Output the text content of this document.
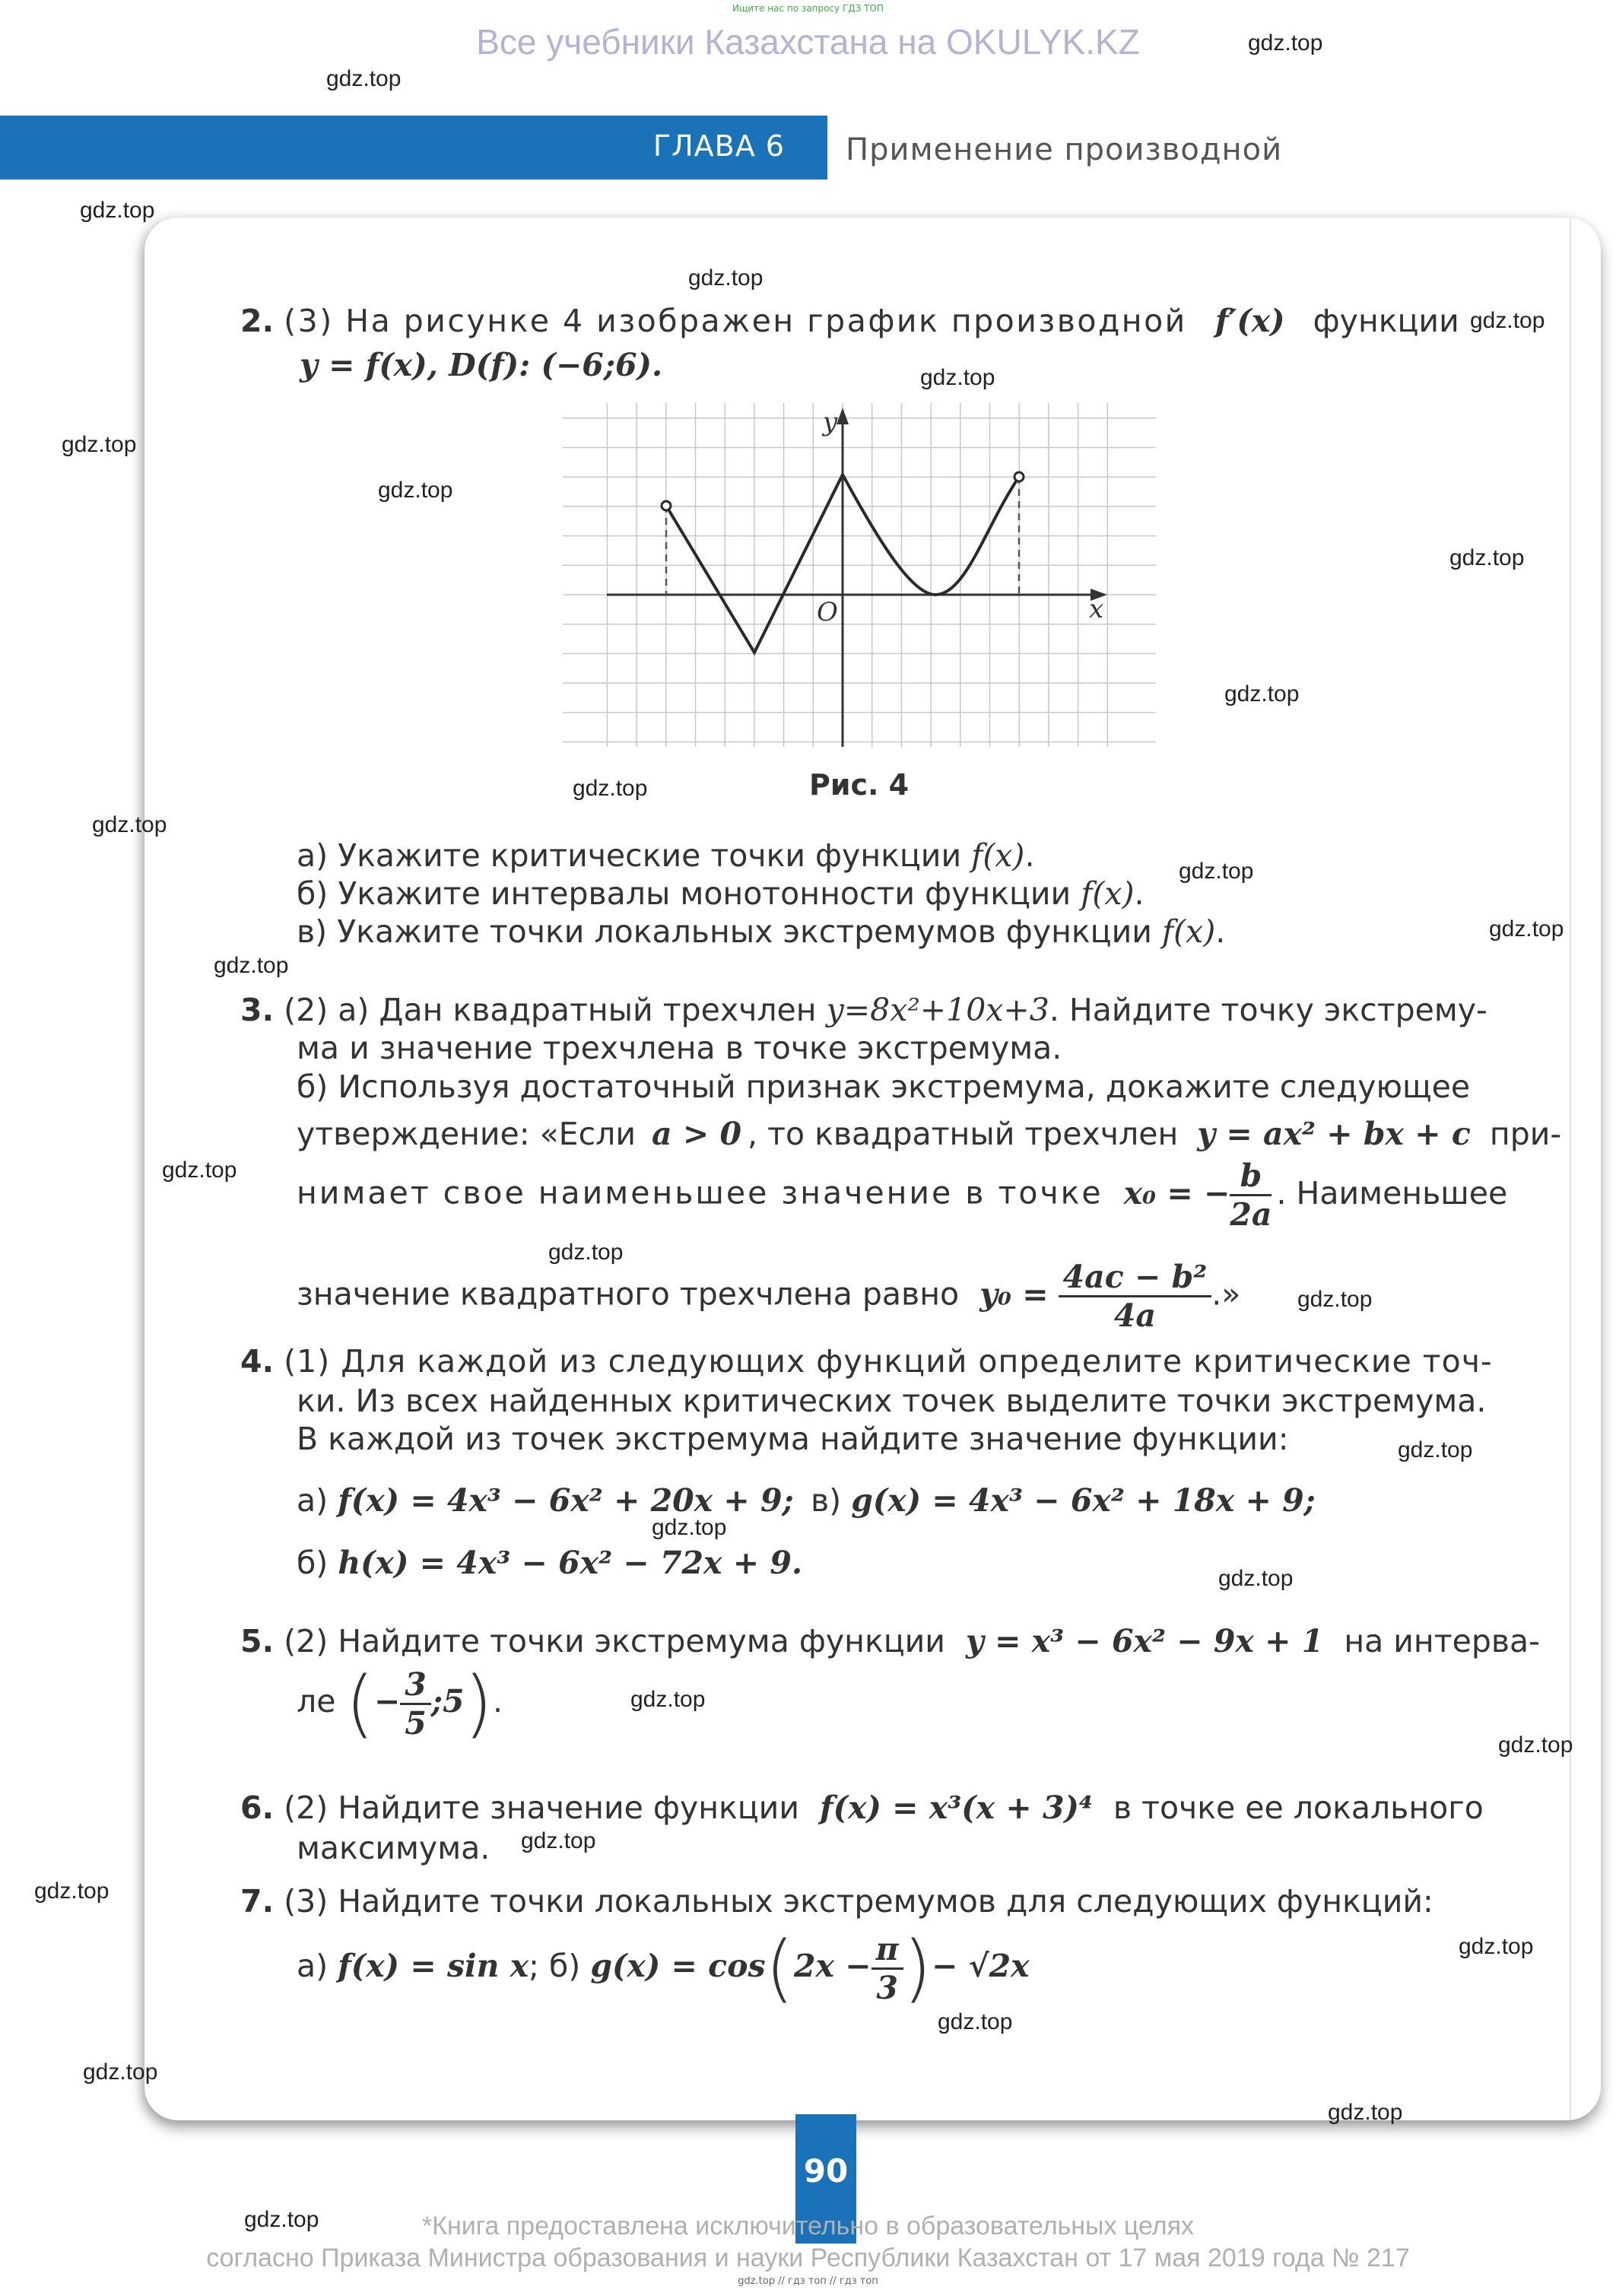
Ищите нас по запросу ГДЗ ТОП
Все учебники Казахстана на OKULYK.KZ
ГЛАВА 6 Применение производной
2. (3) На рисунке 4 изображен график производной f′(x) функции
y = f(x), D(f): (−6;6).
y
x
O
Рис. 4
а) Укажите критические точки функции f(x).
б) Укажите интервалы монотонности функции f(x).
в) Укажите точки локальных экстремумов функции f(x).
3. (2) а) Дан квадратный трехчлен y=8x²+10x+3. Найдите точку экстрему-
ма и значение трехчлена в точке экстремума.
б) Используя достаточный признак экстремума, докажите следующее
утверждение: «Если a > 0 , то квадратный трехчлен y = ax² + bx + c при-
нимает свое наименьшее значение в точке x₀ = − $\frac{b}{2a}$ . Наименьшее
значение квадратного трехчлена равно $y_0 = \frac{\text{4ac − b²}}{4a}$ .»
4. (1) Для каждой из следующих функций определите критические точ-
ки. Из всех найденных критических точек выделите точки экстремума.
В каждой из точек экстремума найдите значение функции:
а) f(x) = 4x³ − 6x² + 20x + 9; в) g(x) = 4x³ − 6x² + 18x + 9;
б) h(x) = 4x³ − 6x² − 72x + 9.
5. (2) Найдите точки экстремума функции y = x³ − 6x² − 9x + 1 на интерва-
ле (− $\frac{3}{5}$ ;5).
6. (2) Найдите значение функции f(x) = x³(x + 3)⁴ в точке ее локального
максимума.
7. (3) Найдите точки локальных экстремумов для следующих функций:
а) f(x) = sin x; б) $g(x) = \cos(2x - \frac{\pi}{3}$ )− √2x
gdz.top
gdz.top
gdz.top
gdz.top
gdz.top
gdz.top
gdz.top
gdz.top
gdz.top
gdz.top
gdz.top
gdz.top
gdz.top
gdz.top
gdz.top
gdz.top
gdz.top
gdz.top
gdz.top
gdz.top
gdz.top
gdz.top
gdz.top
gdz.top
gdz.top
gdz.top
gdz.top
gdz.top
gdz.top
gdz.top
90
*Книга предоставлена исключительно в образовательных целях
согласно Приказа Министра образования и науки Республики Казахстан от 17 мая 2019 года № 217
gdz.top // гдз топ // гдз топ
